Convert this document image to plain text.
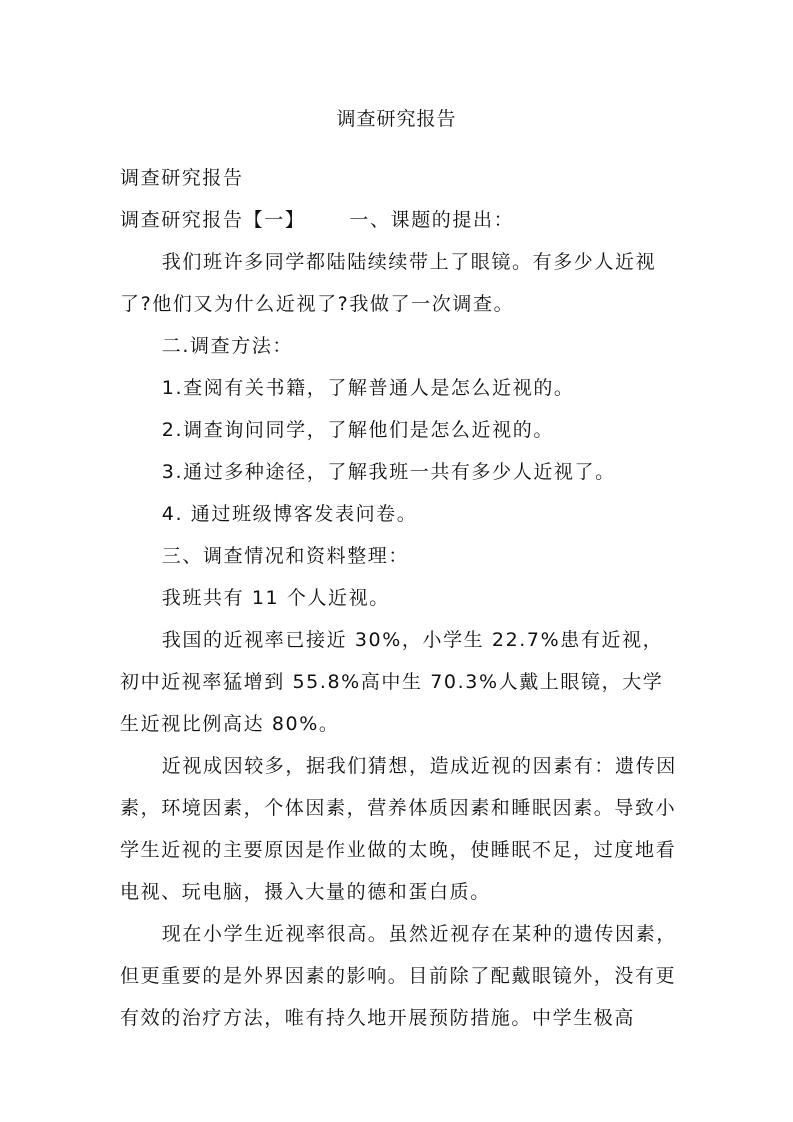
调查研究报告

调查研究报告

调查研究报告【一】 一、课题的提出：

我们班许多同学都陆陆续续带上了眼镜。有多少人近视了?他们又为什么近视了?我做了一次调查。

二.调查方法：

1.查阅有关书籍，了解普通人是怎么近视的。

2.调查询问同学，了解他们是怎么近视的。

3.通过多种途径，了解我班一共有多少人近视了。

4. 通过班级博客发表问卷。

三、调查情况和资料整理：

我班共有 11 个人近视。

我国的近视率已接近 30%，小学生 22.7%患有近视，初中近视率猛增到 55.8%高中生 70.3%人戴上眼镜，大学生近视比例高达 80%。

近视成因较多，据我们猜想，造成近视的因素有：遗传因素，环境因素，个体因素，营养体质因素和睡眠因素。导致小学生近视的主要原因是作业做的太晚，使睡眠不足，过度地看电视、玩电脑，摄入大量的德和蛋白质。

现在小学生近视率很高。虽然近视存在某种的遗传因素，但更重要的是外界因素的影响。目前除了配戴眼镜外，没有更有效的治疗方法，唯有持久地开展预防措施。中学生极高
